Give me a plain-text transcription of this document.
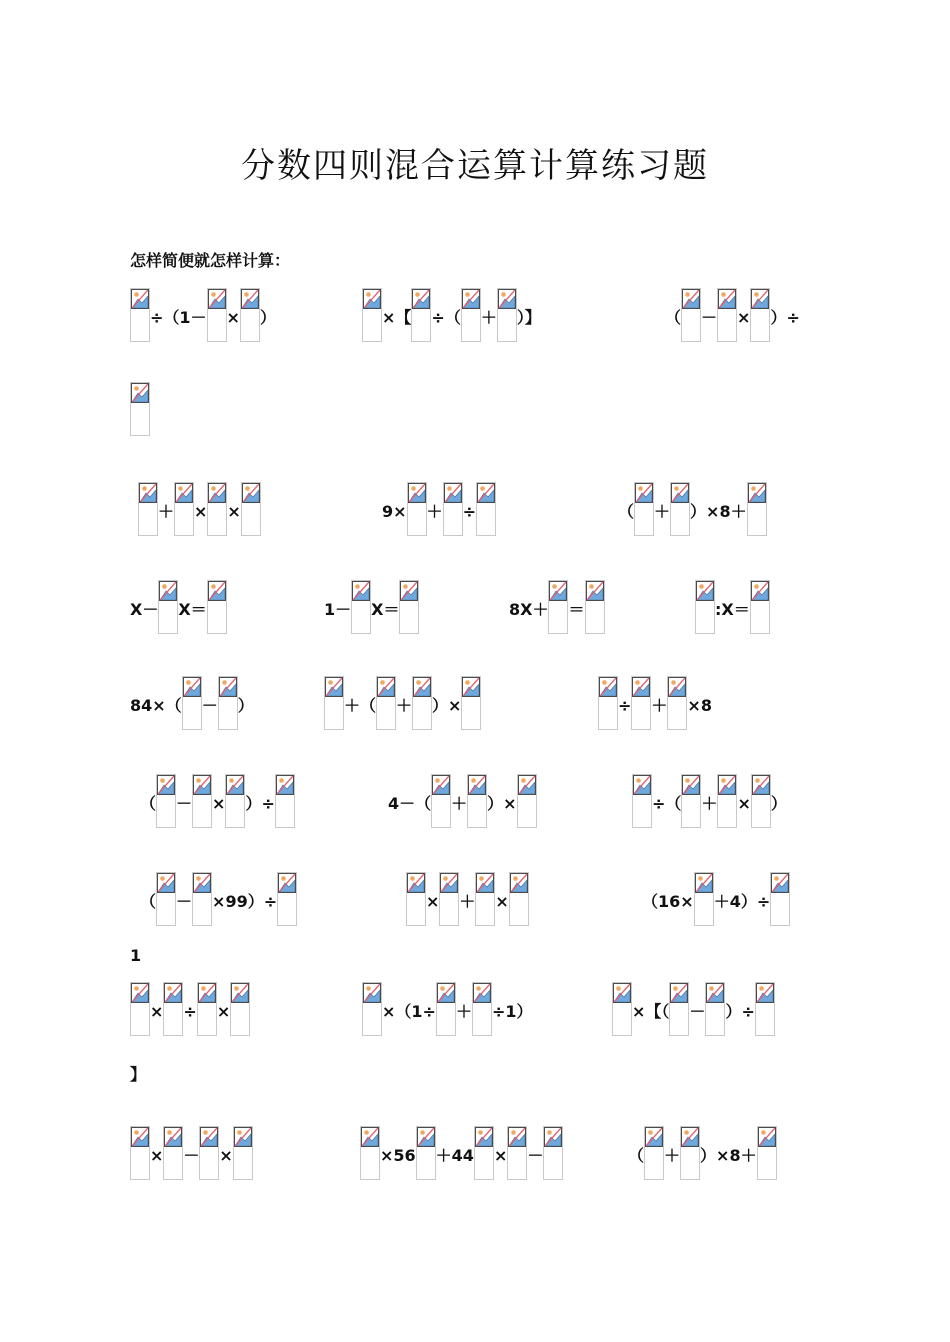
分数四则混合运算计算练习题
怎样简便就怎样计算：
÷（1－ × ）	×【 ÷（ ＋ ）】	（ － × ）÷
＋ × ×	9× ＋ ÷	（ ＋ ）×8＋
X－ X＝	1－ X＝	8X＋ ＝	:X＝
84×（ － ）	＋（ ＋ ）×	÷ ＋ ×8
（ － × ）÷	4－（ ＋ ）×	÷（ ＋ × ）
（ － ×99）÷	× ＋ ×	（16× ＋4）÷
1
× ÷ ×	×（1÷ ＋ ÷1）	×【（ － ）÷
】
× － ×	×56 ＋44 × －	（ ＋ ）×8＋
